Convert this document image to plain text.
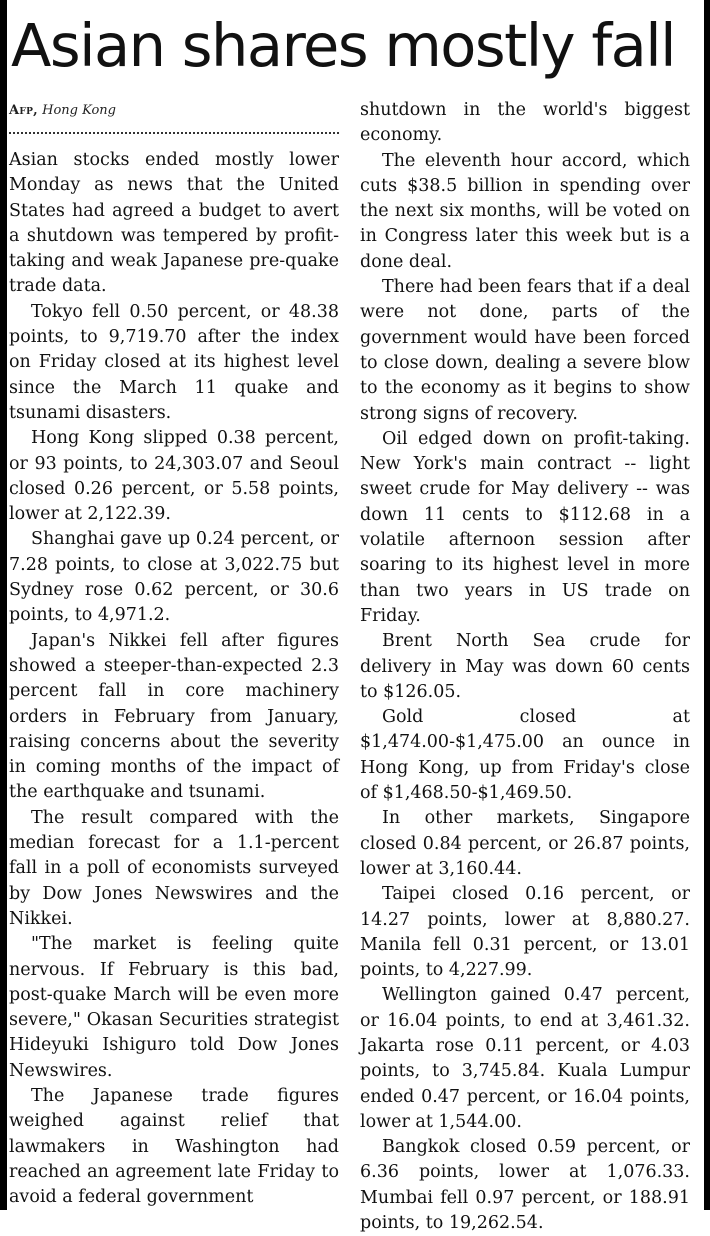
Asian shares mostly fall
Afp, Hong Kong

Asian stocks ended mostly lower Monday as news that the United States had agreed a budget to avert a shutdown was tempered by profit-taking and weak Japanese pre-quake trade data.

Tokyo fell 0.50 percent, or 48.38 points, to 9,719.70 after the index on Friday closed at its highest level since the March 11 quake and tsunami disasters.

Hong Kong slipped 0.38 percent, or 93 points, to 24,303.07 and Seoul closed 0.26 percent, or 5.58 points, lower at 2,122.39.

Shanghai gave up 0.24 percent, or 7.28 points, to close at 3,022.75 but Sydney rose 0.62 percent, or 30.6 points, to 4,971.2.

Japan's Nikkei fell after figures showed a steeper-than-expected 2.3 percent fall in core machinery orders in February from January, raising concerns about the severity in coming months of the impact of the earthquake and tsunami.

The result compared with the median forecast for a 1.1-percent fall in a poll of economists surveyed by Dow Jones Newswires and the Nikkei.

"The market is feeling quite nervous. If February is this bad, post-quake March will be even more severe," Okasan Securities strategist Hideyuki Ishiguro told Dow Jones Newswires.

The Japanese trade figures weighed against relief that lawmakers in Washington had reached an agreement late Friday to avoid a federal government

shutdown in the world's biggest economy.

The eleventh hour accord, which cuts $38.5 billion in spending over the next six months, will be voted on in Congress later this week but is a done deal.

There had been fears that if a deal were not done, parts of the government would have been forced to close down, dealing a severe blow to the economy as it begins to show strong signs of recovery.

Oil edged down on profit-taking. New York's main contract -- light sweet crude for May delivery -- was down 11 cents to $112.68 in a volatile afternoon session after soaring to its highest level in more than two years in US trade on Friday.

Brent North Sea crude for delivery in May was down 60 cents to $126.05.

Gold closed at $1,474.00-$1,475.00 an ounce in Hong Kong, up from Friday's close of $1,468.50-$1,469.50.

In other markets, Singapore closed 0.84 percent, or 26.87 points, lower at 3,160.44.

Taipei closed 0.16 percent, or 14.27 points, lower at 8,880.27. Manila fell 0.31 percent, or 13.01 points, to 4,227.99.

Wellington gained 0.47 percent, or 16.04 points, to end at 3,461.32. Jakarta rose 0.11 percent, or 4.03 points, to 3,745.84. Kuala Lumpur ended 0.47 percent, or 16.04 points, lower at 1,544.00.

Bangkok closed 0.59 percent, or 6.36 points, lower at 1,076.33. Mumbai fell 0.97 percent, or 188.91 points, to 19,262.54.
